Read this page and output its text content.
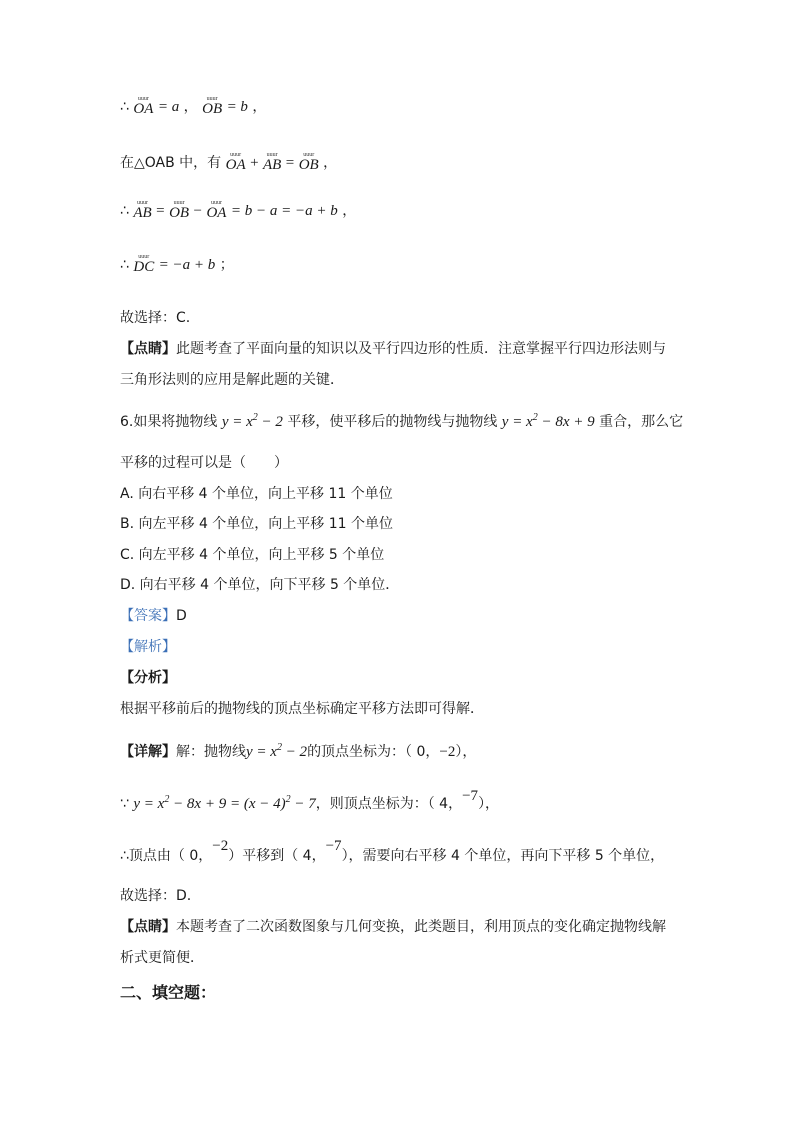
∴	uuur
OA = a ，	uuur
OB = b ，
在△OAB 中，有	uuur
OA +	uuur
AB =	uuur
OB ，
∴	uuur
AB =	uuur
OB −	uuur
OA = b − a = −a + b ，
∴	uuur
DC = −a + b ；
故选择：C.
【点睛】此题考查了平面向量的知识以及平行四边形的性质．注意掌握平行四边形法则与
三角形法则的应用是解此题的关键．
6.如果将抛物线 $y = x^2 - 2$ 平移，使平移后的抛物线与抛物线 $y = x^2 - 8x + 9$ 重合，那么它
平移的过程可以是（　　）
A. 向右平移 4 个单位，向上平移 11 个单位
B. 向左平移 4 个单位，向上平移 11 个单位
C. 向左平移 4 个单位，向上平移 5 个单位
D. 向右平移 4 个单位，向下平移 5 个单位．
【答案】D
【解析】
【分析】
根据平移前后的抛物线的顶点坐标确定平移方法即可得解．
【详解】解：抛物线$y = x^2 - 2$的顶点坐标为：（ 0，−2），
∵ $y = x^2 - 8x + 9 = (x - 4)^2 - 7$，则顶点坐标为：（ 4，−7），
∴顶点由（ 0，−2）平移到（ 4，−7），需要向右平移 4 个单位，再向下平移 5 个单位，
故选择：D.
【点睛】本题考查了二次函数图象与几何变换，此类题目，利用顶点的变化确定抛物线解
析式更简便．
二、填空题：
